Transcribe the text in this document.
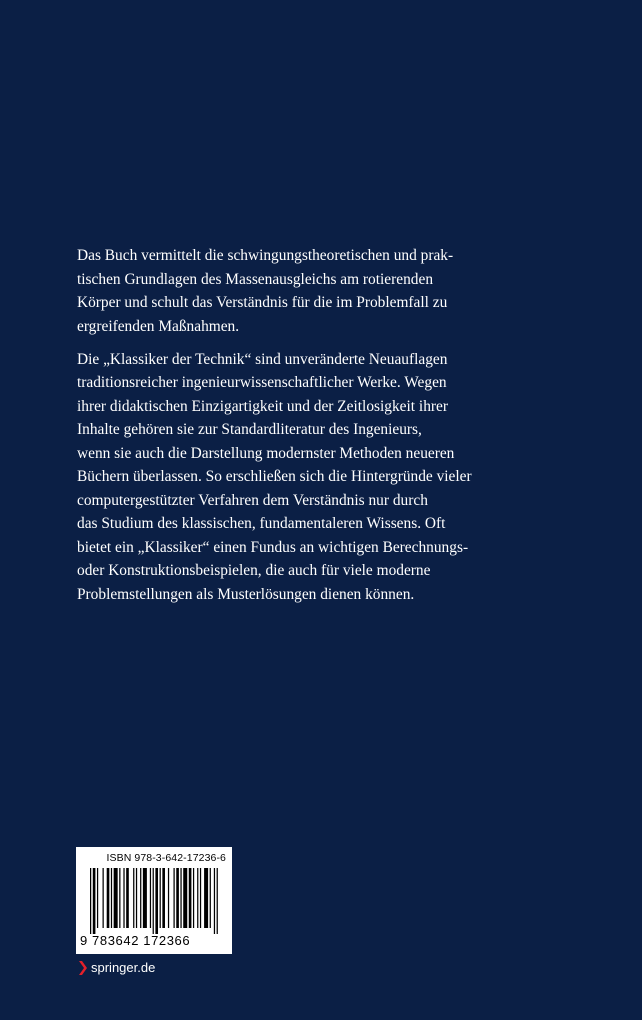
Das Buch vermittelt die schwingungstheoretischen und prak-
tischen Grundlagen des Massenausgleichs am rotierenden
Körper und schult das Verständnis für die im Problemfall zu
ergreifenden Maßnahmen.

Die „Klassiker der Technik“ sind unveränderte Neuauflagen
traditionsreicher ingenieurwissenschaftlicher Werke. Wegen
ihrer didaktischen Einzigartigkeit und der Zeitlosigkeit ihrer
Inhalte gehören sie zur Standardliteratur des Ingenieurs,
wenn sie auch die Darstellung modernster Methoden neueren
Büchern überlassen. So erschließen sich die Hintergründe vieler
computergestützter Verfahren dem Verständnis nur durch
das Studium des klassischen, fundamentaleren Wissens. Oft
bietet ein „Klassiker“ einen Fundus an wichtigen Berechnungs-
oder Konstruktionsbeispielen, die auch für viele moderne
Problemstellungen als Musterlösungen dienen können.

ISBN 978-3-642-17236-6
9 783642 172366
springer.de
